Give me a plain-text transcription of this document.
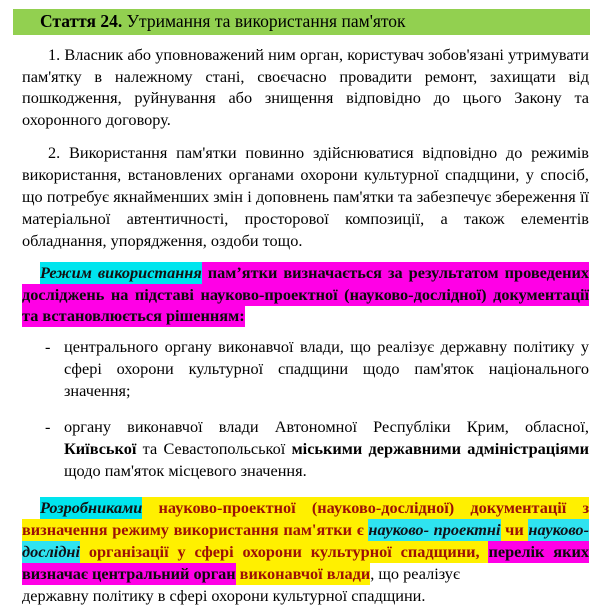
Стаття 24. Утримання та використання пам'яток

1. Власник або уповноважений ним орган, користувач зобов'язані утримувати пам'ятку в належному стані, своєчасно провадити ремонт, захищати від пошкодження, руйнування або знищення відповідно до цього Закону та охоронного договору.

2. Використання пам'ятки повинно здійснюватися відповідно до режимів використання, встановлених органами охорони культурної спадщини, у спосіб, що потребує якнайменших змін і доповнень пам'ятки та забезпечує збереження її матеріальної автентичності, просторової композиції, а також елементів обладнання, упорядження, оздоби тощо.

Режим використання пам’ятки визначається за результатом проведених досліджень на підставі науково-проектної (науково-дослідної) документації та встановлюється рішенням:

- центрального органу виконавчої влади, що реалізує державну політику у сфері охорони культурної спадщини щодо пам'яток національного значення;
- органу виконавчої влади Автономної Республіки Крим, обласної, Київської та Севастопольської міськими державними адміністраціями щодо пам'яток місцевого значення.

Розробниками науково-проектної (науково-дослідної) документації з визначення режиму використання пам'ятки є науково- проектні чи науково-дослідні організації у сфері охорони культурної спадщини, перелік яких визначає центральний орган виконавчої влади, що реалізує

державну політику в сфері охорони культурної спадщини.
